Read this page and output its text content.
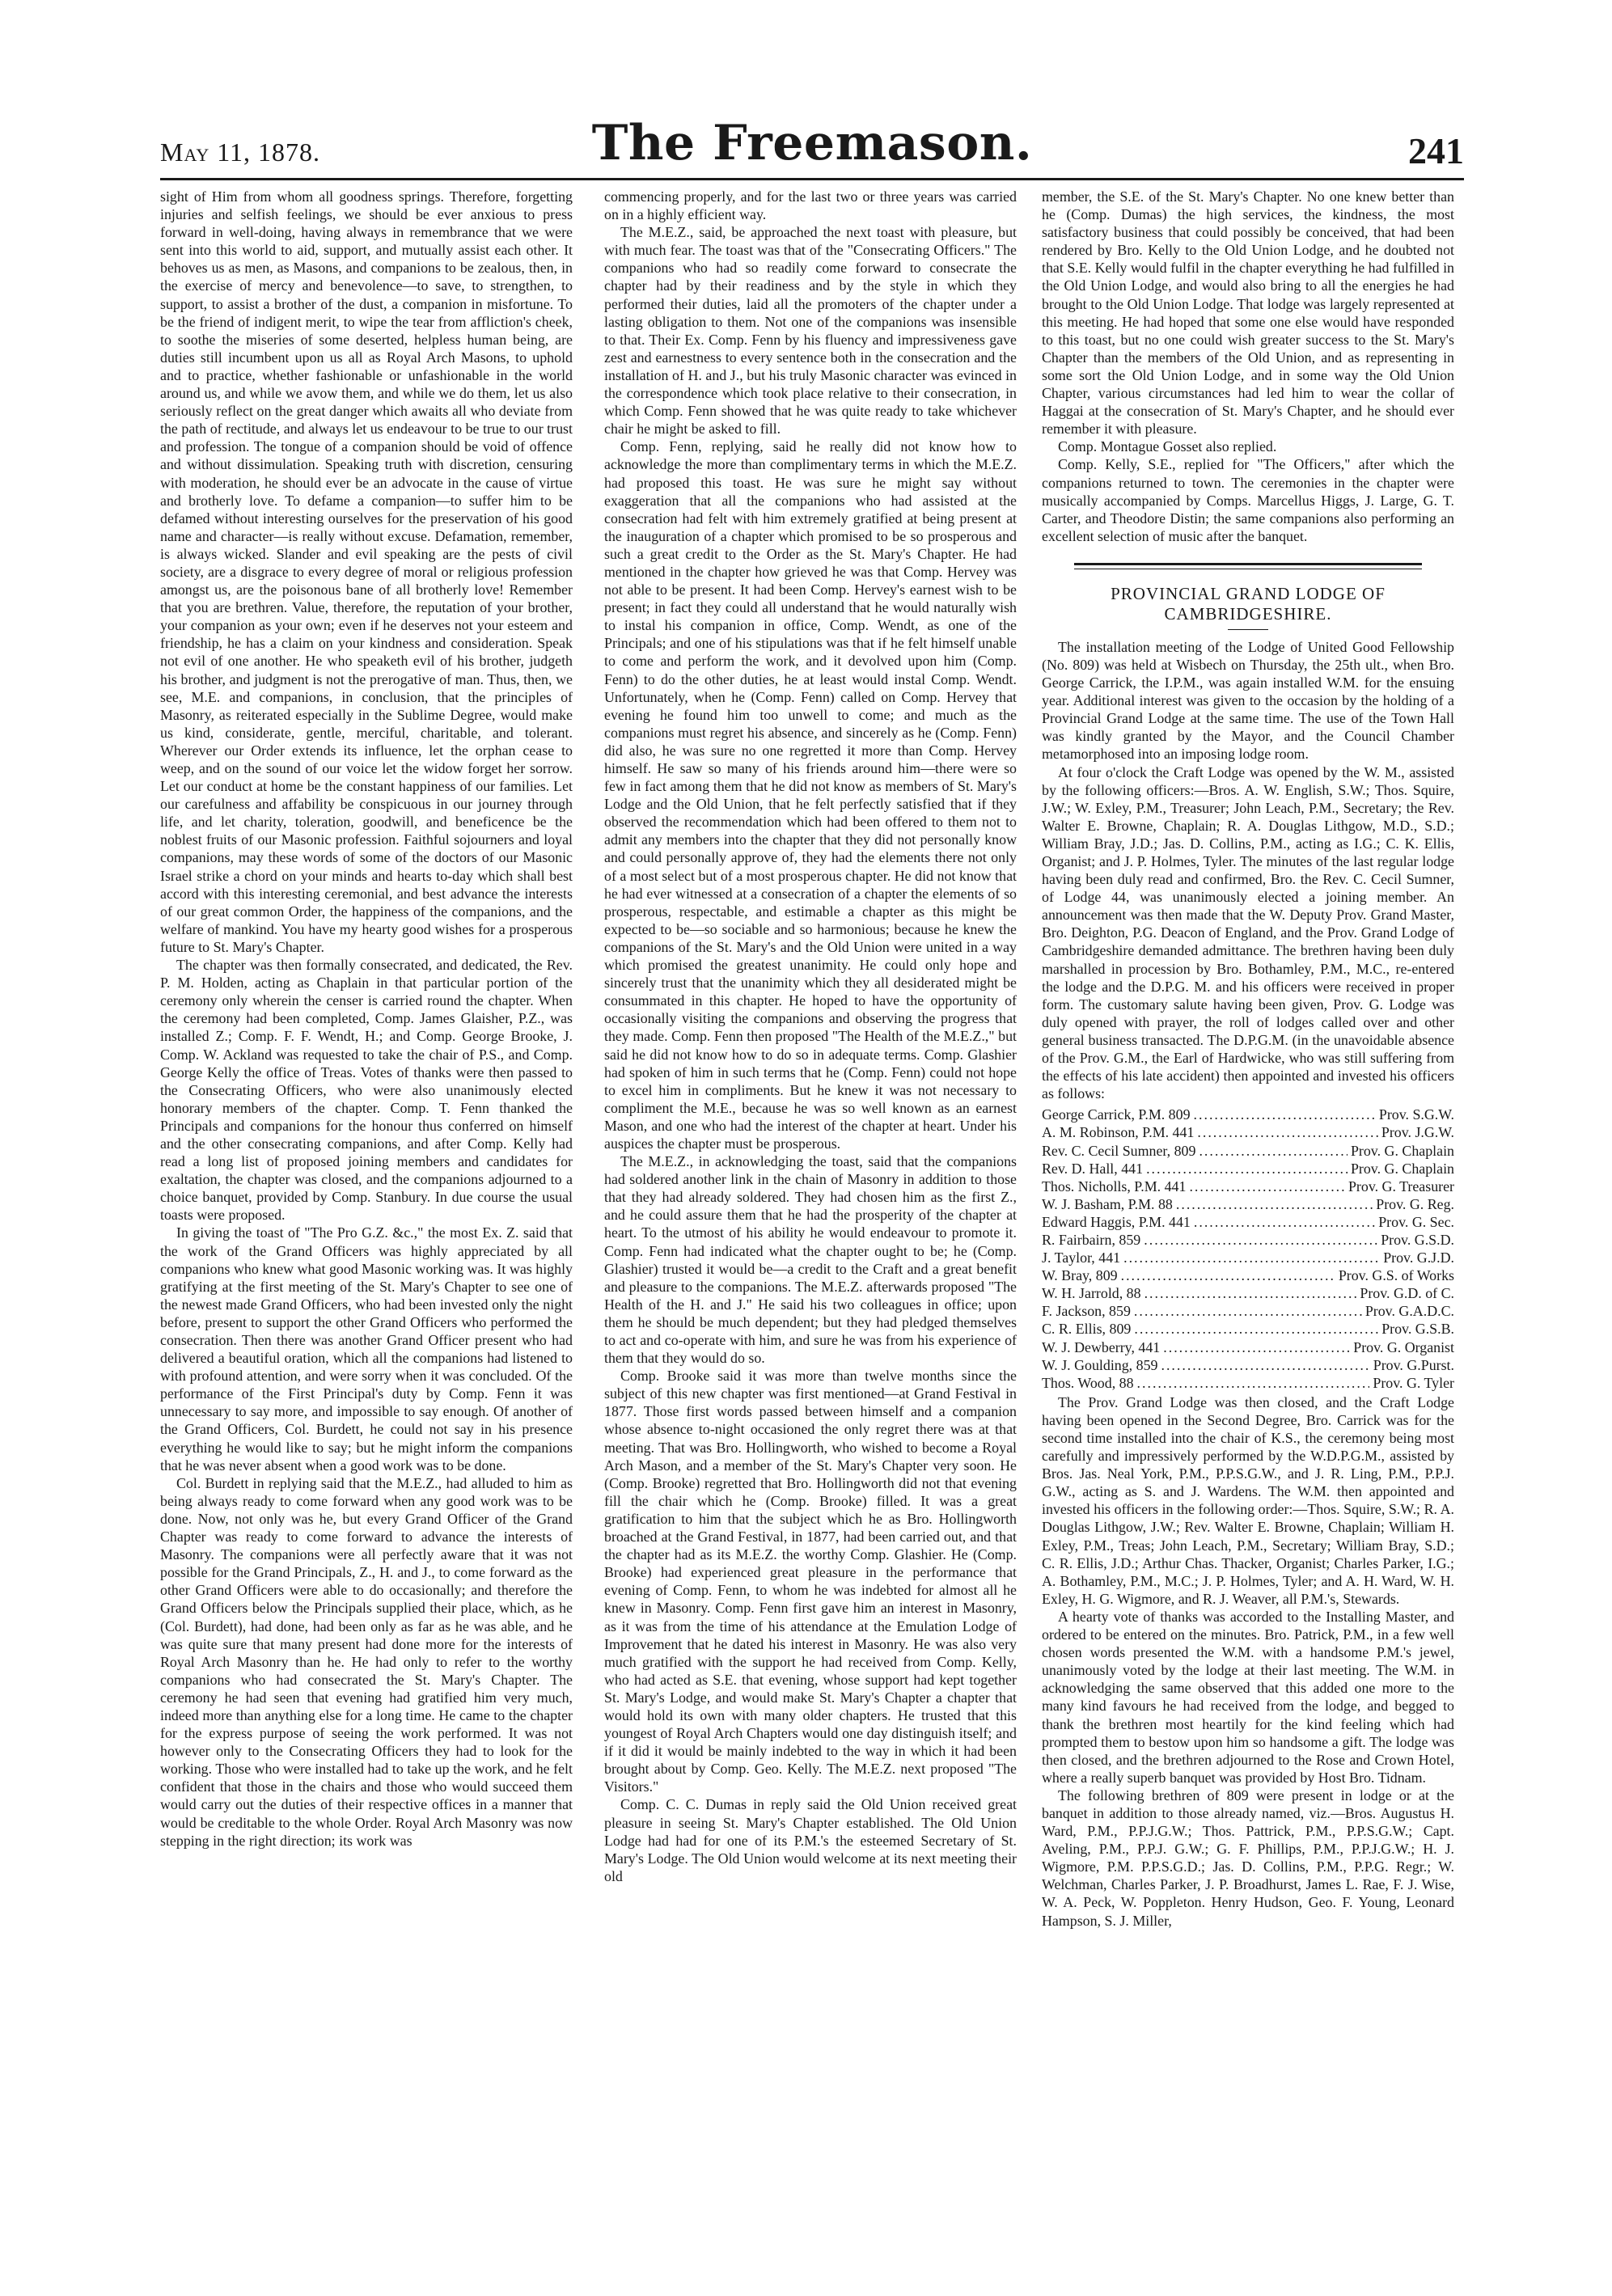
May 11, 1878.	The Freemason.	241

sight of Him from whom all goodness springs. Therefore, forgetting injuries and selfish feelings, we should be ever anxious to press forward in well-doing, having always in remembrance that we were sent into this world to aid, support, and mutually assist each other. It behoves us as men, as Masons, and companions to be zealous, then, in the exercise of mercy and benevolence—to save, to strengthen, to support, to assist a brother of the dust, a companion in misfortune. To be the friend of indigent merit, to wipe the tear from affliction's cheek, to soothe the miseries of some deserted, helpless human being, are duties still incumbent upon us all as Royal Arch Masons, to uphold and to practice, whether fashionable or unfashionable in the world around us, and while we avow them, and while we do them, let us also seriously reflect on the great danger which awaits all who deviate from the path of rectitude, and always let us endeavour to be true to our trust and profession. The tongue of a companion should be void of offence and without dissimulation. Speaking truth with discretion, censuring with moderation, he should ever be an advocate in the cause of virtue and brotherly love. To defame a companion—to suffer him to be defamed without interesting ourselves for the preservation of his good name and character—is really without excuse. Defamation, remember, is always wicked. Slander and evil speaking are the pests of civil society, are a disgrace to every degree of moral or religious profession amongst us, are the poisonous bane of all brotherly love! Remember that you are brethren. Value, therefore, the reputation of your brother, your companion as your own; even if he deserves not your esteem and friendship, he has a claim on your kindness and consideration. Speak not evil of one another. He who speaketh evil of his brother, judgeth his brother, and judgment is not the prerogative of man. Thus, then, we see, M.E. and companions, in conclusion, that the principles of Masonry, as reiterated especially in the Sublime Degree, would make us kind, considerate, gentle, merciful, charitable, and tolerant. Wherever our Order extends its influence, let the orphan cease to weep, and on the sound of our voice let the widow forget her sorrow. Let our conduct at home be the constant happiness of our families. Let our carefulness and affability be conspicuous in our journey through life, and let charity, toleration, goodwill, and beneficence be the noblest fruits of our Masonic profession. Faithful sojourners and loyal companions, may these words of some of the doctors of our Masonic Israel strike a chord on your minds and hearts to-day which shall best accord with this interesting ceremonial, and best advance the interests of our great common Order, the happiness of the companions, and the welfare of mankind. You have my hearty good wishes for a prosperous future to St. Mary's Chapter.

The chapter was then formally consecrated, and dedicated, the Rev. P. M. Holden, acting as Chaplain in that particular portion of the ceremony only wherein the censer is carried round the chapter. When the ceremony had been completed, Comp. James Glaisher, P.Z., was installed Z.; Comp. F. F. Wendt, H.; and Comp. George Brooke, J. Comp. W. Ackland was requested to take the chair of P.S., and Comp. George Kelly the office of Treas. Votes of thanks were then passed to the Consecrating Officers, who were also unanimously elected honorary members of the chapter. Comp. T. Fenn thanked the Principals and companions for the honour thus conferred on himself and the other consecrating companions, and after Comp. Kelly had read a long list of proposed joining members and candidates for exaltation, the chapter was closed, and the companions adjourned to a choice banquet, provided by Comp. Stanbury. In due course the usual toasts were proposed.

In giving the toast of "The Pro G.Z. &c.," the most Ex. Z. said that the work of the Grand Officers was highly appreciated by all companions who knew what good Masonic working was. It was highly gratifying at the first meeting of the St. Mary's Chapter to see one of the newest made Grand Officers, who had been invested only the night before, present to support the other Grand Officers who performed the consecration. Then there was another Grand Officer present who had delivered a beautiful oration, which all the companions had listened to with profound attention, and were sorry when it was concluded. Of the performance of the First Principal's duty by Comp. Fenn it was unnecessary to say more, and impossible to say enough. Of another of the Grand Officers, Col. Burdett, he could not say in his presence everything he would like to say; but he might inform the companions that he was never absent when a good work was to be done.

Col. Burdett in replying said that the M.E.Z., had alluded to him as being always ready to come forward when any good work was to be done. Now, not only was he, but every Grand Officer of the Grand Chapter was ready to come forward to advance the interests of Masonry. The companions were all perfectly aware that it was not possible for the Grand Principals, Z., H. and J., to come forward as the other Grand Officers were able to do occasionally; and therefore the Grand Officers below the Principals supplied their place, which, as he (Col. Burdett), had done, had been only as far as he was able, and he was quite sure that many present had done more for the interests of Royal Arch Masonry than he. He had only to refer to the worthy companions who had consecrated the St. Mary's Chapter. The ceremony he had seen that evening had gratified him very much, indeed more than anything else for a long time. He came to the chapter for the express purpose of seeing the work performed. It was not however only to the Consecrating Officers they had to look for the working. Those who were installed had to take up the work, and he felt confident that those in the chairs and those who would succeed them would carry out the duties of their respective offices in a manner that would be creditable to the whole Order. Royal Arch Masonry was now stepping in the right direction; its work was

commencing properly, and for the last two or three years was carried on in a highly efficient way.

The M.E.Z., said, be approached the next toast with pleasure, but with much fear. The toast was that of the "Consecrating Officers." The companions who had so readily come forward to consecrate the chapter had by their readiness and by the style in which they performed their duties, laid all the promoters of the chapter under a lasting obligation to them. Not one of the companions was insensible to that. Their Ex. Comp. Fenn by his fluency and impressiveness gave zest and earnestness to every sentence both in the consecration and the installation of H. and J., but his truly Masonic character was evinced in the correspondence which took place relative to their consecration, in which Comp. Fenn showed that he was quite ready to take whichever chair he might be asked to fill.

Comp. Fenn, replying, said he really did not know how to acknowledge the more than complimentary terms in which the M.E.Z. had proposed this toast. He was sure he might say without exaggeration that all the companions who had assisted at the consecration had felt with him extremely gratified at being present at the inauguration of a chapter which promised to be so prosperous and such a great credit to the Order as the St. Mary's Chapter. He had mentioned in the chapter how grieved he was that Comp. Hervey was not able to be present. It had been Comp. Hervey's earnest wish to be present; in fact they could all understand that he would naturally wish to instal his companion in office, Comp. Wendt, as one of the Principals; and one of his stipulations was that if he felt himself unable to come and perform the work, and it devolved upon him (Comp. Fenn) to do the other duties, he at least would instal Comp. Wendt. Unfortunately, when he (Comp. Fenn) called on Comp. Hervey that evening he found him too unwell to come; and much as the companions must regret his absence, and sincerely as he (Comp. Fenn) did also, he was sure no one regretted it more than Comp. Hervey himself. He saw so many of his friends around him—there were so few in fact among them that he did not know as members of St. Mary's Lodge and the Old Union, that he felt perfectly satisfied that if they observed the recommendation which had been offered to them not to admit any members into the chapter that they did not personally know and could personally approve of, they had the elements there not only of a most select but of a most prosperous chapter. He did not know that he had ever witnessed at a consecration of a chapter the elements of so prosperous, respectable, and estimable a chapter as this might be expected to be—so sociable and so harmonious; because he knew the companions of the St. Mary's and the Old Union were united in a way which promised the greatest unanimity. He could only hope and sincerely trust that the unanimity which they all desiderated might be consummated in this chapter. He hoped to have the opportunity of occasionally visiting the companions and observing the progress that they made. Comp. Fenn then proposed "The Health of the M.E.Z.," but said he did not know how to do so in adequate terms. Comp. Glashier had spoken of him in such terms that he (Comp. Fenn) could not hope to excel him in compliments. But he knew it was not necessary to compliment the M.E., because he was so well known as an earnest Mason, and one who had the interest of the chapter at heart. Under his auspices the chapter must be prosperous.

The M.E.Z., in acknowledging the toast, said that the companions had soldered another link in the chain of Masonry in addition to those that they had already soldered. They had chosen him as the first Z., and he could assure them that he had the prosperity of the chapter at heart. To the utmost of his ability he would endeavour to promote it. Comp. Fenn had indicated what the chapter ought to be; he (Comp. Glashier) trusted it would be—a credit to the Craft and a great benefit and pleasure to the companions. The M.E.Z. afterwards proposed "The Health of the H. and J." He said his two colleagues in office; upon them he should be much dependent; but they had pledged themselves to act and co-operate with him, and sure he was from his experience of them that they would do so.

Comp. Brooke said it was more than twelve months since the subject of this new chapter was first mentioned—at Grand Festival in 1877. Those first words passed between himself and a companion whose absence to-night occasioned the only regret there was at that meeting. That was Bro. Hollingworth, who wished to become a Royal Arch Mason, and a member of the St. Mary's Chapter very soon. He (Comp. Brooke) regretted that Bro. Hollingworth did not that evening fill the chair which he (Comp. Brooke) filled. It was a great gratification to him that the subject which he as Bro. Hollingworth broached at the Grand Festival, in 1877, had been carried out, and that the chapter had as its M.E.Z. the worthy Comp. Glashier. He (Comp. Brooke) had experienced great pleasure in the performance that evening of Comp. Fenn, to whom he was indebted for almost all he knew in Masonry. Comp. Fenn first gave him an interest in Masonry, as it was from the time of his attendance at the Emulation Lodge of Improvement that he dated his interest in Masonry. He was also very much gratified with the support he had received from Comp. Kelly, who had acted as S.E. that evening, whose support had kept together St. Mary's Lodge, and would make St. Mary's Chapter a chapter that would hold its own with many older chapters. He trusted that this youngest of Royal Arch Chapters would one day distinguish itself; and if it did it would be mainly indebted to the way in which it had been brought about by Comp. Geo. Kelly. The M.E.Z. next proposed "The Visitors."

Comp. C. C. Dumas in reply said the Old Union received great pleasure in seeing St. Mary's Chapter established. The Old Union Lodge had had for one of its P.M.'s the esteemed Secretary of St. Mary's Lodge. The Old Union would welcome at its next meeting their old

member, the S.E. of the St. Mary's Chapter. No one knew better than he (Comp. Dumas) the high services, the kindness, the most satisfactory business that could possibly be conceived, that had been rendered by Bro. Kelly to the Old Union Lodge, and he doubted not that S.E. Kelly would fulfil in the chapter everything he had fulfilled in the Old Union Lodge, and would also bring to all the energies he had brought to the Old Union Lodge. That lodge was largely represented at this meeting. He had hoped that some one else would have responded to this toast, but no one could wish greater success to the St. Mary's Chapter than the members of the Old Union, and as representing in some sort the Old Union Lodge, and in some way the Old Union Chapter, various circumstances had led him to wear the collar of Haggai at the consecration of St. Mary's Chapter, and he should ever remember it with pleasure.

Comp. Montague Gosset also replied.

Comp. Kelly, S.E., replied for "The Officers," after which the companions returned to town. The ceremonies in the chapter were musically accompanied by Comps. Marcellus Higgs, J. Large, G. T. Carter, and Theodore Distin; the same companions also performing an excellent selection of music after the banquet.

PROVINCIAL GRAND LODGE OF CAMBRIDGESHIRE.

The installation meeting of the Lodge of United Good Fellowship (No. 809) was held at Wisbech on Thursday, the 25th ult., when Bro. George Carrick, the I.P.M., was again installed W.M. for the ensuing year. Additional interest was given to the occasion by the holding of a Provincial Grand Lodge at the same time. The use of the Town Hall was kindly granted by the Mayor, and the Council Chamber metamorphosed into an imposing lodge room.

At four o'clock the Craft Lodge was opened by the W. M., assisted by the following officers:—Bros. A. W. English, S.W.; Thos. Squire, J.W.; W. Exley, P.M., Treasurer; John Leach, P.M., Secretary; the Rev. Walter E. Browne, Chaplain; R. A. Douglas Lithgow, M.D., S.D.; William Bray, J.D.; Jas. D. Collins, P.M., acting as I.G.; C. K. Ellis, Organist; and J. P. Holmes, Tyler. The minutes of the last regular lodge having been duly read and confirmed, Bro. the Rev. C. Cecil Sumner, of Lodge 44, was unanimously elected a joining member. An announcement was then made that the W. Deputy Prov. Grand Master, Bro. Deighton, P.G. Deacon of England, and the Prov. Grand Lodge of Cambridgeshire demanded admittance. The brethren having been duly marshalled in procession by Bro. Bothamley, P.M., M.C., re-entered the lodge and the D.P.G. M. and his officers were received in proper form. The customary salute having been given, Prov. G. Lodge was duly opened with prayer, the roll of lodges called over and other general business transacted. The D.P.G.M. (in the unavoidable absence of the Prov. G.M., the Earl of Hardwicke, who was still suffering from the effects of his late accident) then appointed and invested his officers as follows:

George Carrick, P.M. 809 .....	Prov. S.G.W.
A. M. Robinson, P.M. 441 .....	Prov. J.G.W.
Rev. C. Cecil Sumner, 809 .....	Prov. G. Chaplain
Rev. D. Hall, 441 .....	Prov. G. Chaplain
Thos. Nicholls, P.M. 441 .....	Prov. G. Treasurer
W. J. Basham, P.M. 88 .....	Prov. G. Reg.
Edward Haggis, P.M. 441 .....	Prov. G. Sec.
R. Fairbairn, 859 .....	Prov. G.S.D.
J. Taylor, 441 .....	Prov. G.J.D.
W. Bray, 809 .....	Prov. G.S. of Works
W. H. Jarrold, 88 .....	Prov. G.D. of C.
F. Jackson, 859 .....	Prov. G.A.D.C.
C. R. Ellis, 809 .....	Prov. G.S.B.
W. J. Dewberry, 441 .....	Prov. G. Organist
W. J. Goulding, 859 .....	Prov. G.Purst.
Thos. Wood, 88 .....	Prov. G. Tyler

The Prov. Grand Lodge was then closed, and the Craft Lodge having been opened in the Second Degree, Bro. Carrick was for the second time installed into the chair of K.S., the ceremony being most carefully and impressively performed by the W.D.P.G.M., assisted by Bros. Jas. Neal York, P.M., P.P.S.G.W., and J. R. Ling, P.M., P.P.J. G.W., acting as S. and J. Wardens. The W.M. then appointed and invested his officers in the following order:—Thos. Squire, S.W.; R. A. Douglas Lithgow, J.W.; Rev. Walter E. Browne, Chaplain; William H. Exley, P.M., Treas; John Leach, P.M., Secretary; William Bray, S.D.; C. R. Ellis, J.D.; Arthur Chas. Thacker, Organist; Charles Parker, I.G.; A. Bothamley, P.M., M.C.; J. P. Holmes, Tyler; and A. H. Ward, W. H. Exley, H. G. Wigmore, and R. J. Weaver, all P.M.'s, Stewards.

A hearty vote of thanks was accorded to the Installing Master, and ordered to be entered on the minutes. Bro. Patrick, P.M., in a few well chosen words presented the W.M. with a handsome P.M.'s jewel, unanimously voted by the lodge at their last meeting. The W.M. in acknowledging the same observed that this added one more to the many kind favours he had received from the lodge, and begged to thank the brethren most heartily for the kind feeling which had prompted them to bestow upon him so handsome a gift. The lodge was then closed, and the brethren adjourned to the Rose and Crown Hotel, where a really superb banquet was provided by Host Bro. Tidnam.

The following brethren of 809 were present in lodge or at the banquet in addition to those already named, viz.—Bros. Augustus H. Ward, P.M., P.P.J.G.W.; Thos. Pattrick, P.M., P.P.S.G.W.; Capt. Aveling, P.M., P.P.J. G.W.; G. F. Phillips, P.M., P.P.J.G.W.; H. J. Wigmore, P.M. P.P.S.G.D.; Jas. D. Collins, P.M., P.P.G. Regr.; W. Welchman, Charles Parker, J. P. Broadhurst, James L. Rae, F. J. Wise, W. A. Peck, W. Poppleton. Henry Hudson, Geo. F. Young, Leonard Hampson, S. J. Miller,
